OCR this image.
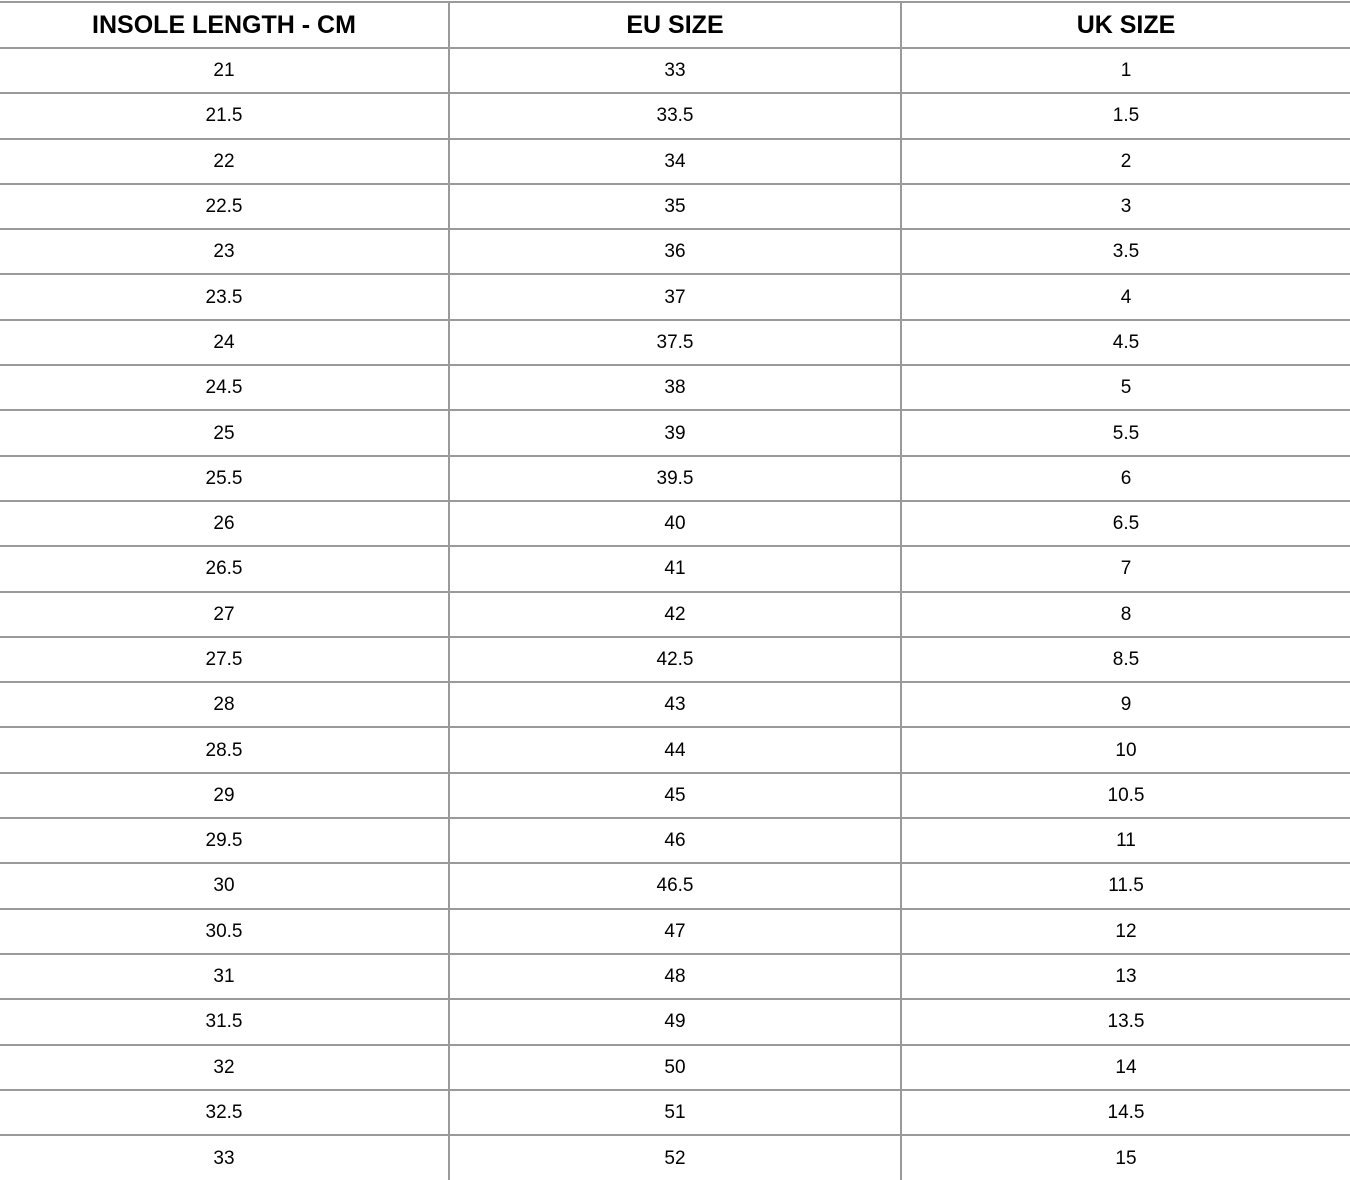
INSOLE LENGTH - CM	EU SIZE	UK SIZE
21	33	1
21.5	33.5	1.5
22	34	2
22.5	35	3
23	36	3.5
23.5	37	4
24	37.5	4.5
24.5	38	5
25	39	5.5
25.5	39.5	6
26	40	6.5
26.5	41	7
27	42	8
27.5	42.5	8.5
28	43	9
28.5	44	10
29	45	10.5
29.5	46	11
30	46.5	11.5
30.5	47	12
31	48	13
31.5	49	13.5
32	50	14
32.5	51	14.5
33	52	15
